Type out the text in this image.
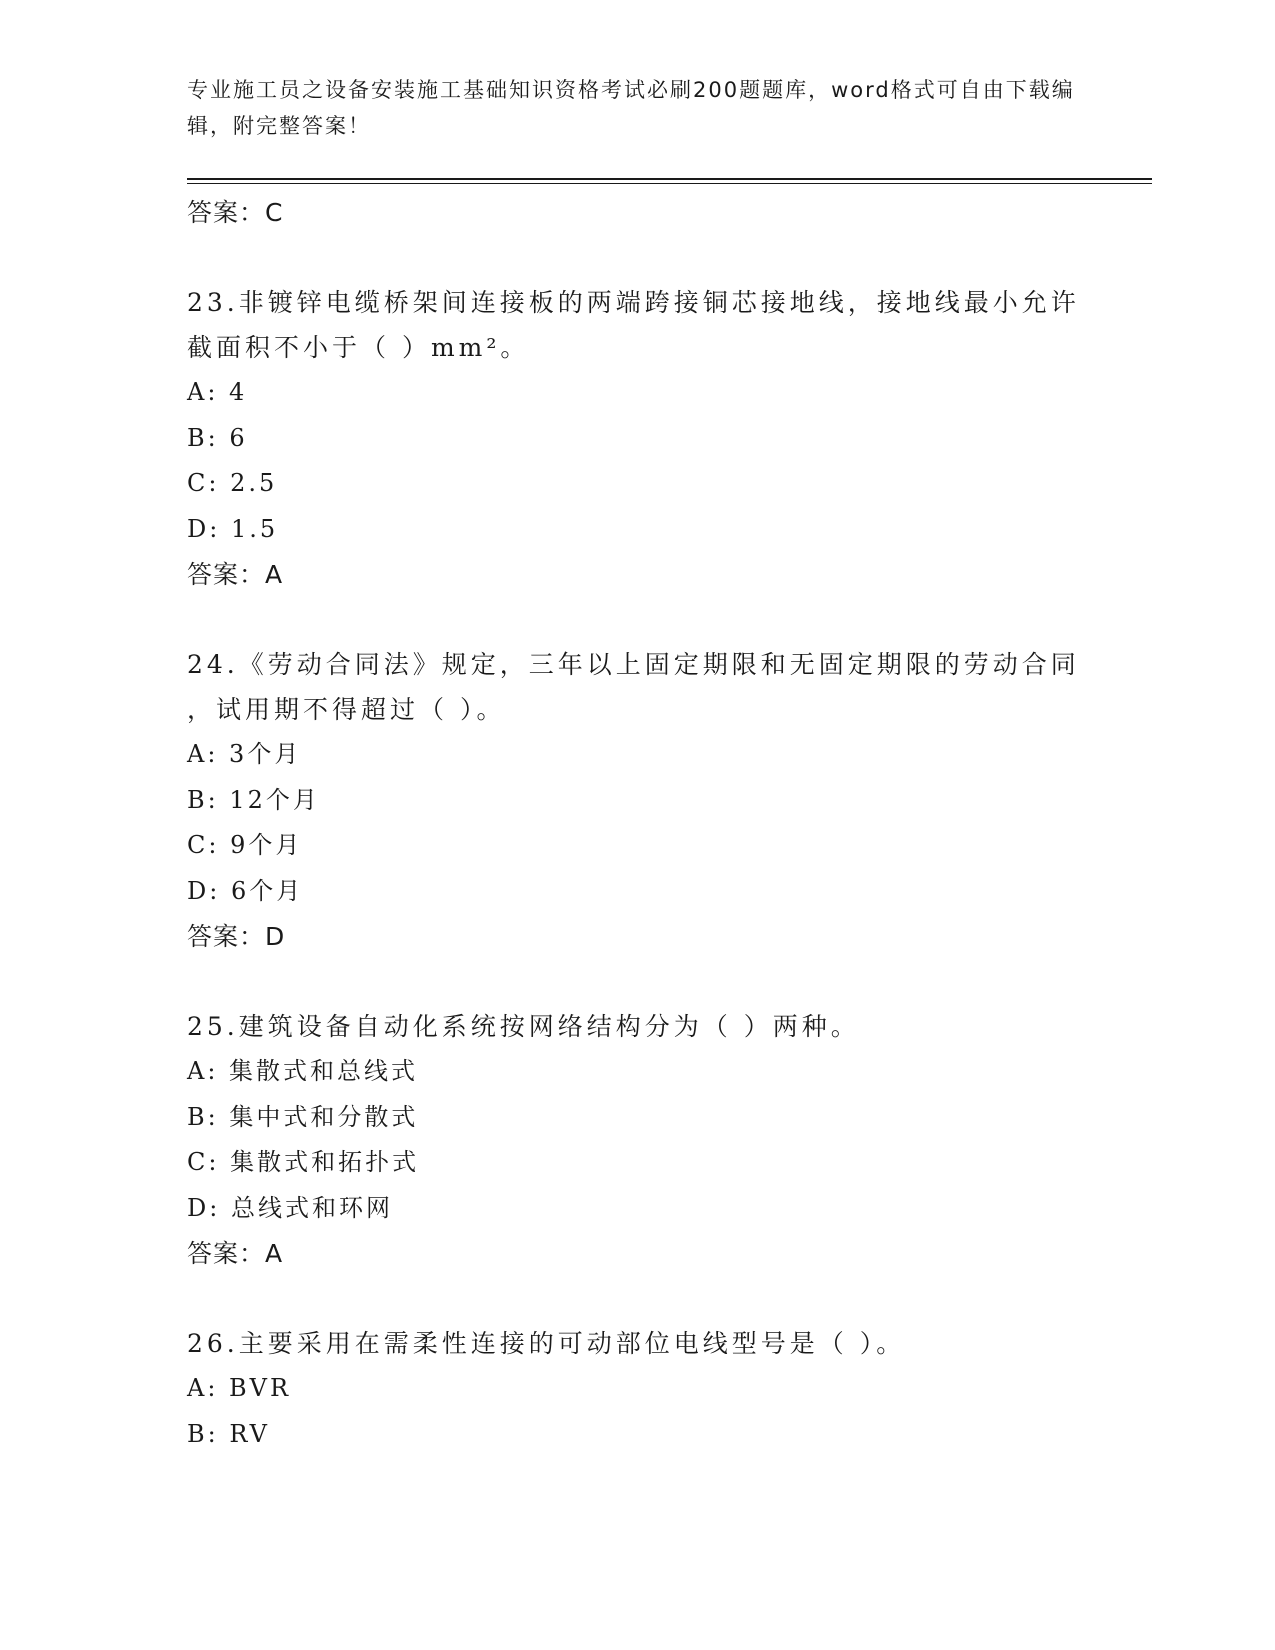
专业施工员之设备安装施工基础知识资格考试必刷200题题库，word格式可自由下载编辑，附完整答案！
答案：C
23.非镀锌电缆桥架间连接板的两端跨接铜芯接地线，接地线最小允许
截面积不小于（ ）mm²。
A: 4
B: 6
C: 2.5
D: 1.5
答案：A
24.《劳动合同法》规定，三年以上固定期限和无固定期限的劳动合同
，试用期不得超过（ ）。
A: 3个月
B: 12个月
C: 9个月
D: 6个月
答案：D
25.建筑设备自动化系统按网络结构分为（ ）两种。
A: 集散式和总线式
B: 集中式和分散式
C: 集散式和拓扑式
D: 总线式和环网
答案：A
26.主要采用在需柔性连接的可动部位电线型号是（ ）。
A: BVR
B: RV
